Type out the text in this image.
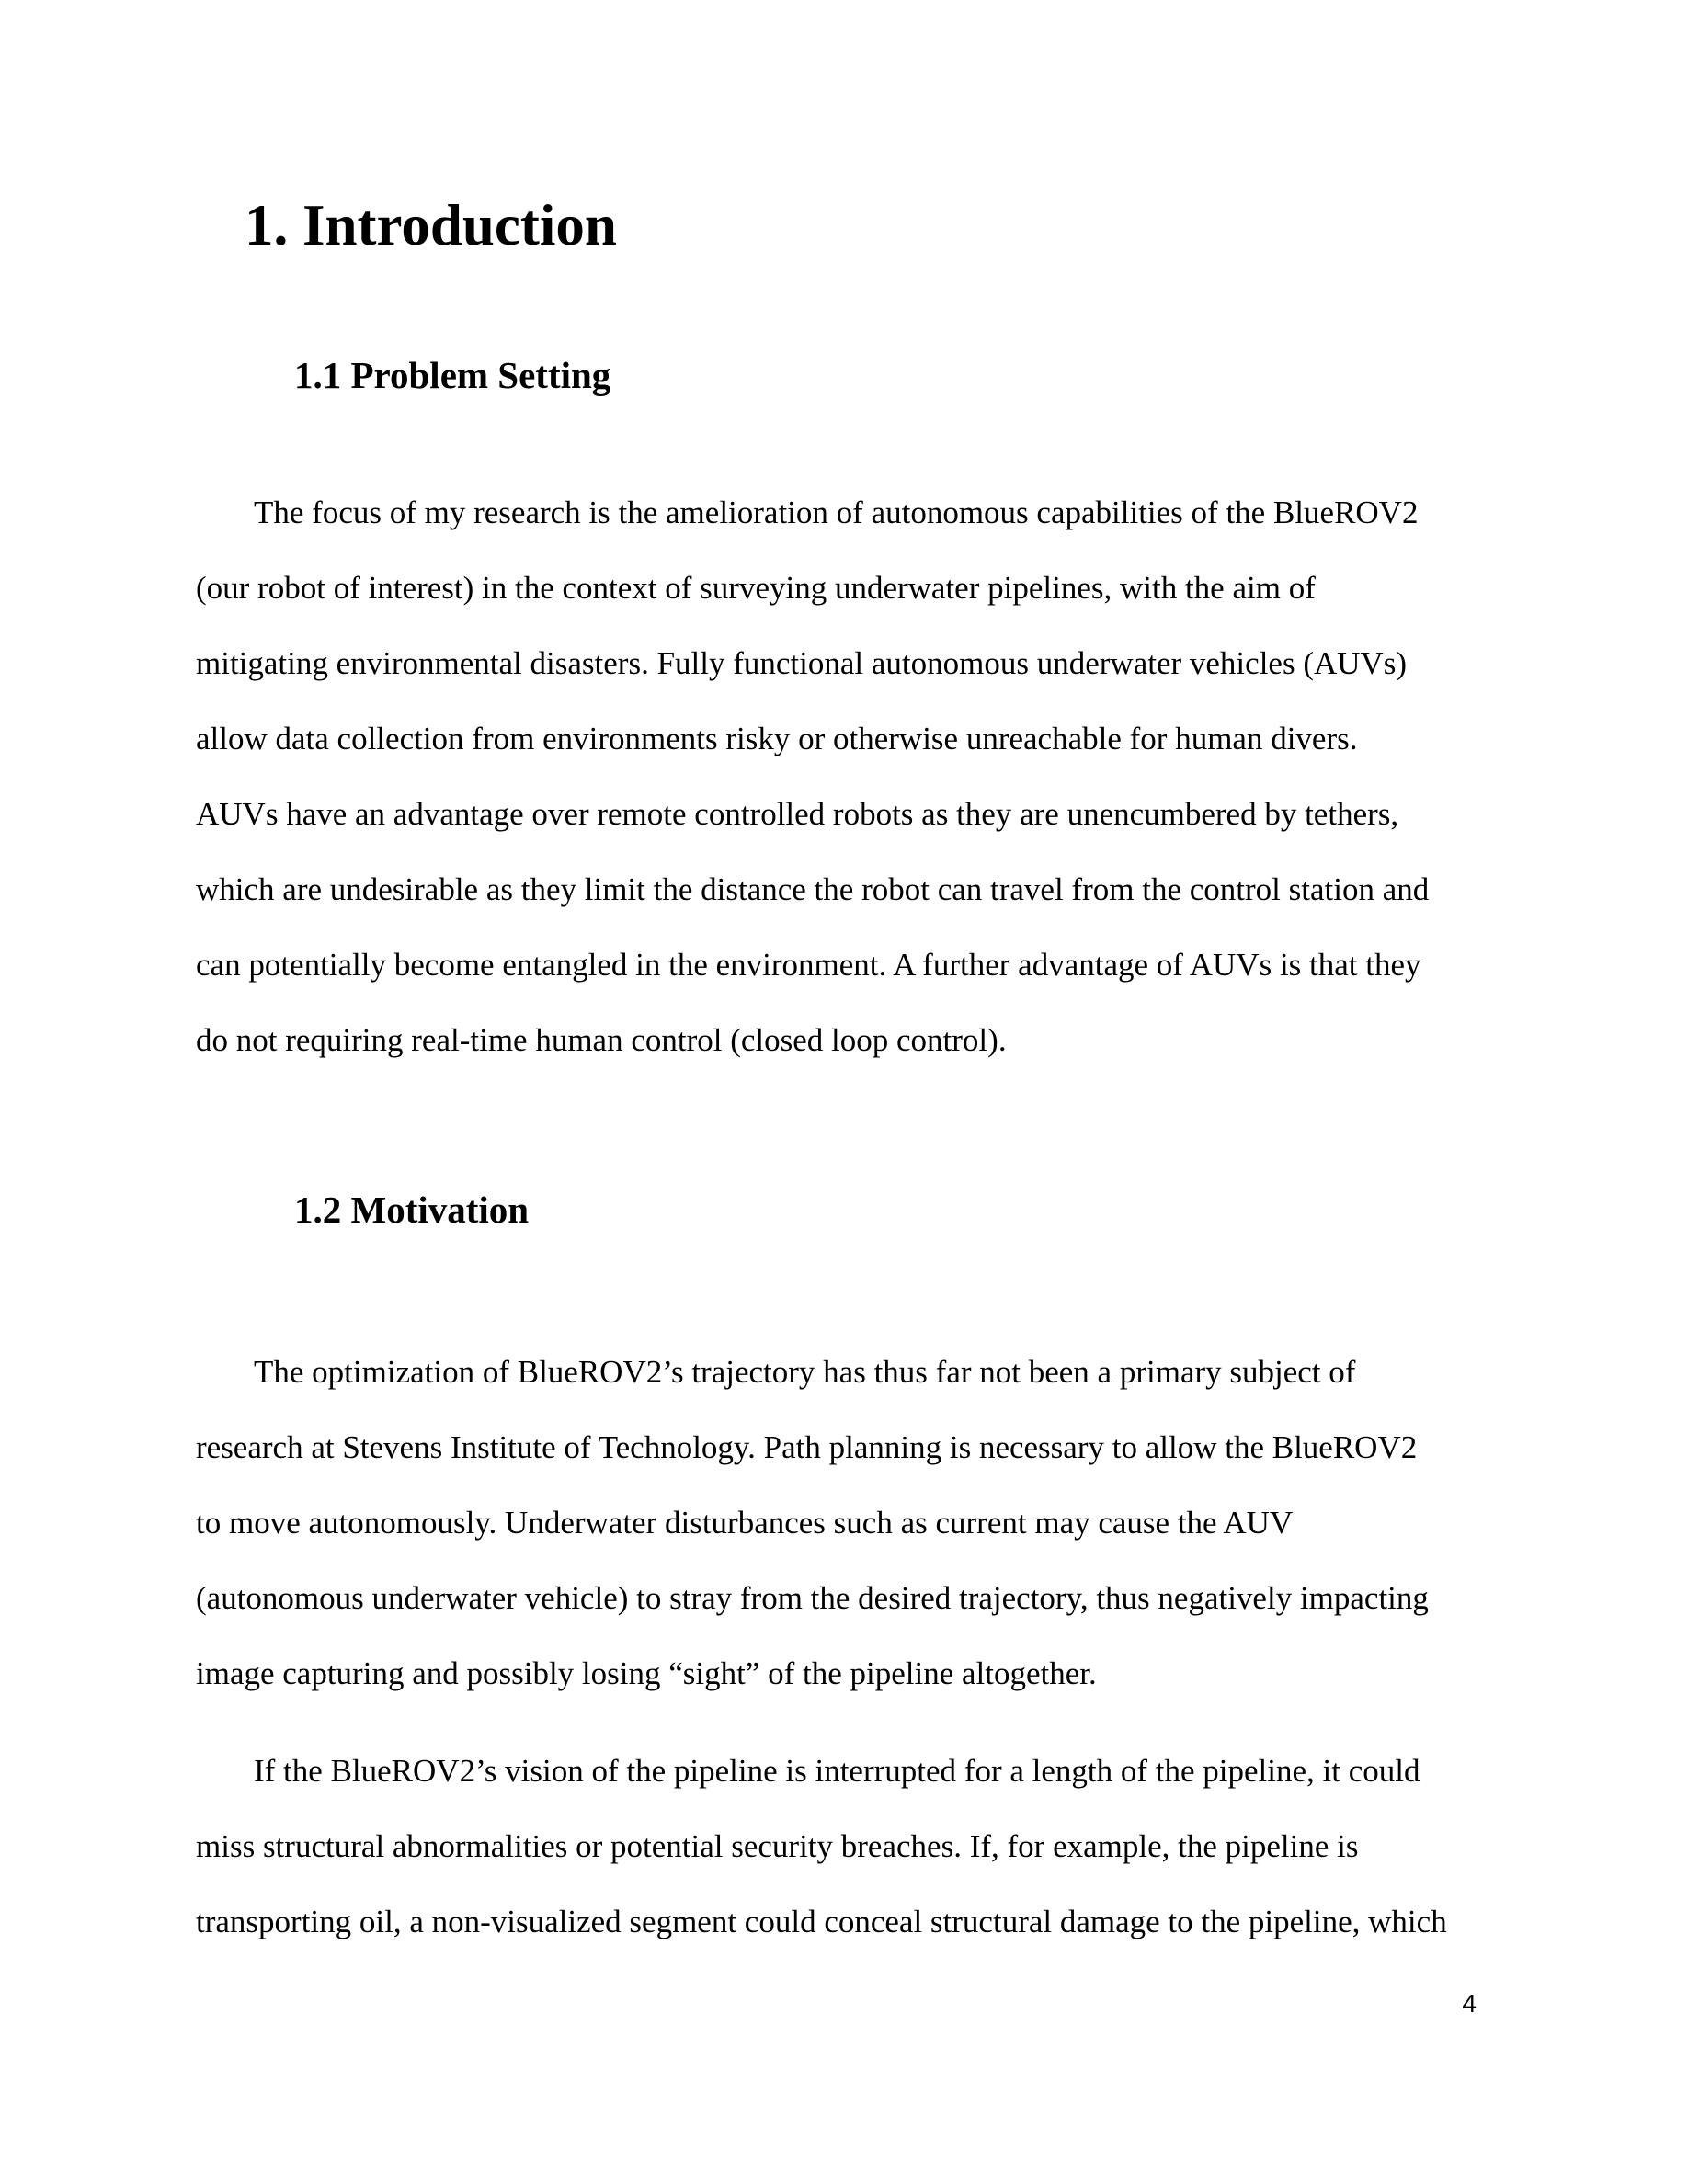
1. Introduction
1.1 Problem Setting

The focus of my research is the amelioration of autonomous capabilities of the BlueROV2
(our robot of interest) in the context of surveying underwater pipelines, with the aim of
mitigating environmental disasters. Fully functional autonomous underwater vehicles (AUVs)
allow data collection from environments risky or otherwise unreachable for human divers.
AUVs have an advantage over remote controlled robots as they are unencumbered by tethers,
which are undesirable as they limit the distance the robot can travel from the control station and
can potentially become entangled in the environment. A further advantage of AUVs is that they
do not requiring real-time human control (closed loop control).

1.2 Motivation

The optimization of BlueROV2’s trajectory has thus far not been a primary subject of
research at Stevens Institute of Technology. Path planning is necessary to allow the BlueROV2
to move autonomously. Underwater disturbances such as current may cause the AUV
(autonomous underwater vehicle) to stray from the desired trajectory, thus negatively impacting
image capturing and possibly losing “sight” of the pipeline altogether.

If the BlueROV2’s vision of the pipeline is interrupted for a length of the pipeline, it could
miss structural abnormalities or potential security breaches. If, for example, the pipeline is
transporting oil, a non-visualized segment could conceal structural damage to the pipeline, which

4
